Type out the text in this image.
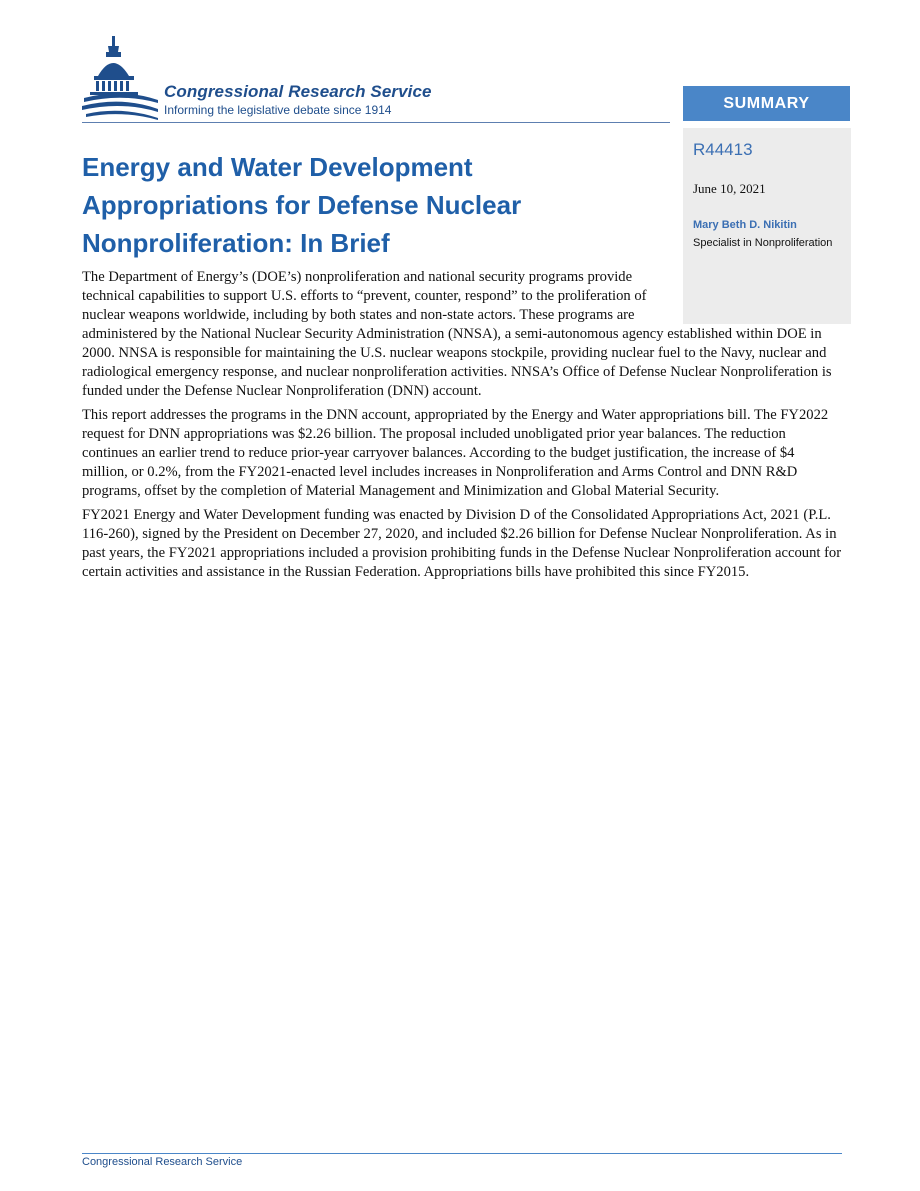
Congressional Research Service
Informing the legislative debate since 1914	SUMMARY
R44413
June 10, 2021
Mary Beth D. Nikitin
Specialist in Nonproliferation
Energy and Water Development Appropriations for Defense Nuclear Nonproliferation: In Brief

The Department of Energy’s (DOE’s) nonproliferation and national security programs provide technical capabilities to support U.S. efforts to “prevent, counter, respond” to the proliferation of nuclear weapons worldwide, including by both states and non-state actors. These programs are administered by the National Nuclear Security Administration (NNSA), a semi-autonomous agency established within DOE in 2000. NNSA is responsible for maintaining the U.S. nuclear weapons stockpile, providing nuclear fuel to the Navy, nuclear and radiological emergency response, and nuclear nonproliferation activities. NNSA’s Office of Defense Nuclear Nonproliferation is funded under the Defense Nuclear Nonproliferation (DNN) account.

This report addresses the programs in the DNN account, appropriated by the Energy and Water appropriations bill. The FY2022 request for DNN appropriations was $2.26 billion. The proposal included unobligated prior year balances. The reduction continues an earlier trend to reduce prior-year carryover balances. According to the budget justification, the increase of $4 million, or 0.2%, from the FY2021-enacted level includes increases in Nonproliferation and Arms Control and DNN R&D programs, offset by the completion of Material Management and Minimization and Global Material Security.

FY2021 Energy and Water Development funding was enacted by Division D of the Consolidated Appropriations Act, 2021 (P.L. 116-260), signed by the President on December 27, 2020, and included $2.26 billion for Defense Nuclear Nonproliferation. As in past years, the FY2021 appropriations included a provision prohibiting funds in the Defense Nuclear Nonproliferation account for certain activities and assistance in the Russian Federation. Appropriations bills have prohibited this since FY2015.

Congressional Research Service
